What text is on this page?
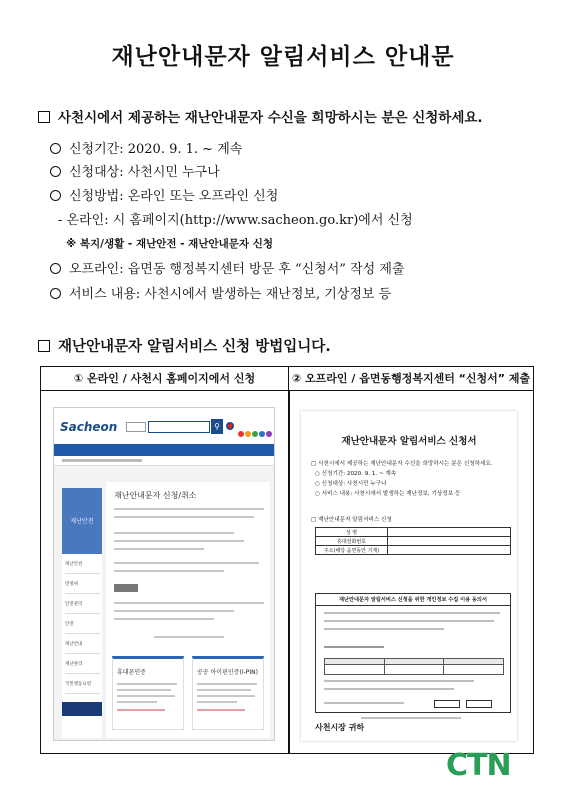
재난안내문자 알림서비스 안내문
사천시에서 제공하는 재난안내문자 수신을 희망하시는 분은 신청하세요.
신청기간: 2020. 9. 1. ~ 계속
신청대상: 사천시민 누구나
신청방법: 온라인 또는 오프라인 신청
- 온라인: 시 홈페이지(http://www.sacheon.go.kr)에서 신청
※ 복지/생활 - 재난안전 - 재난안내문자 신청
오프라인: 읍면동 행정복지센터 방문 후 “신청서” 작성 제출
서비스 내용: 사천시에서 발생하는 재난정보, 기상정보 등
재난안내문자 알림서비스 신청 방법입니다.
① 온라인 / 사천시 홈페이지에서 신청	② 오프라인 / 읍면동행정복지센터 “신청서” 제출
Sacheon	⚲
재난안전
재난안전
민방위
안전관리
안전
재난안내
재난관리
국민행동요령
재난안내문자 신청/취소
휴대폰인증	공공 아이핀인증(I-PIN)
재난안내문자 알림서비스 신청서
□ 사천시에서 제공하는 재난안내문자 수신을 희망하시는 분은 신청하세요.
○ 신청기간: 2020. 9. 1. ~ 계속
○ 신청대상: 사천시민 누구나
○ 서비스 내용: 사천시에서 발생하는 재난정보, 기상정보 등
□ 재난안내문자 알림서비스 신청
성 명	
휴대전화번호	
주소(해당 읍면동만 기재)	
재난안내문자 알림서비스 신청을 위한 개인정보 수집 이용 동의서

사천시장 귀하
CTN
